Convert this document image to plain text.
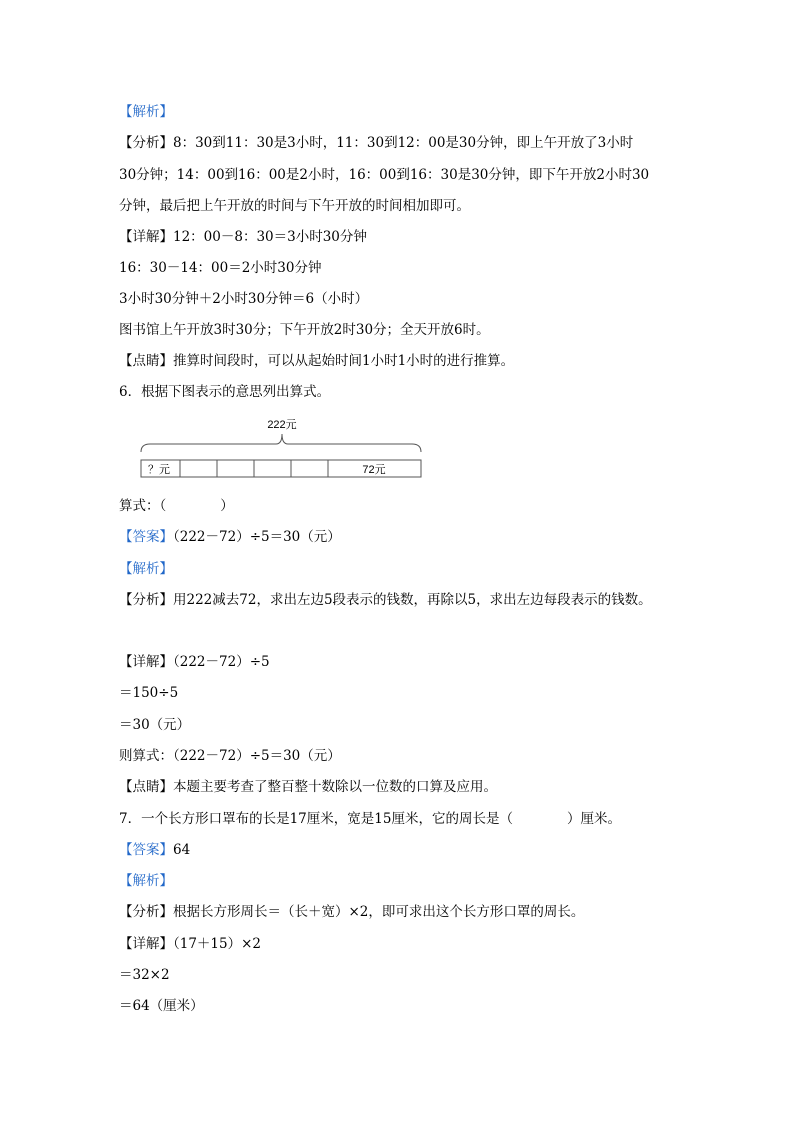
【解析】
【分析】8：30到11：30是3小时，11：30到12：00是30分钟，即上午开放了3小时
30分钟；14：00到16：00是2小时，16：00到16：30是30分钟，即下午开放2小时30
分钟，最后把上午开放的时间与下午开放的时间相加即可。
【详解】12：00－8：30＝3小时30分钟
16：30－14：00＝2小时30分钟
3小时30分钟＋2小时30分钟＝6（小时）
图书馆上午开放3时30分；下午开放2时30分；全天开放6时。
【点睛】推算时间段时，可以从起始时间1小时1小时的进行推算。
6．根据下图表示的意思列出算式。
算式：（　　　　）
【答案】（222－72）÷5＝30（元）
【解析】
【分析】用222减去72，求出左边5段表示的钱数，再除以5，求出左边每段表示的钱数。
【详解】（222－72）÷5
＝150÷5
＝30（元）
则算式：（222－72）÷5＝30（元）
【点睛】本题主要考查了整百整十数除以一位数的口算及应用。
7．一个长方形口罩布的长是17厘米，宽是15厘米，它的周长是（　　　　）厘米。
【答案】64
【解析】
【分析】根据长方形周长＝（长＋宽）×2，即可求出这个长方形口罩的周长。
【详解】（17＋15）×2
＝32×2
＝64（厘米）
222元
？元	72元
